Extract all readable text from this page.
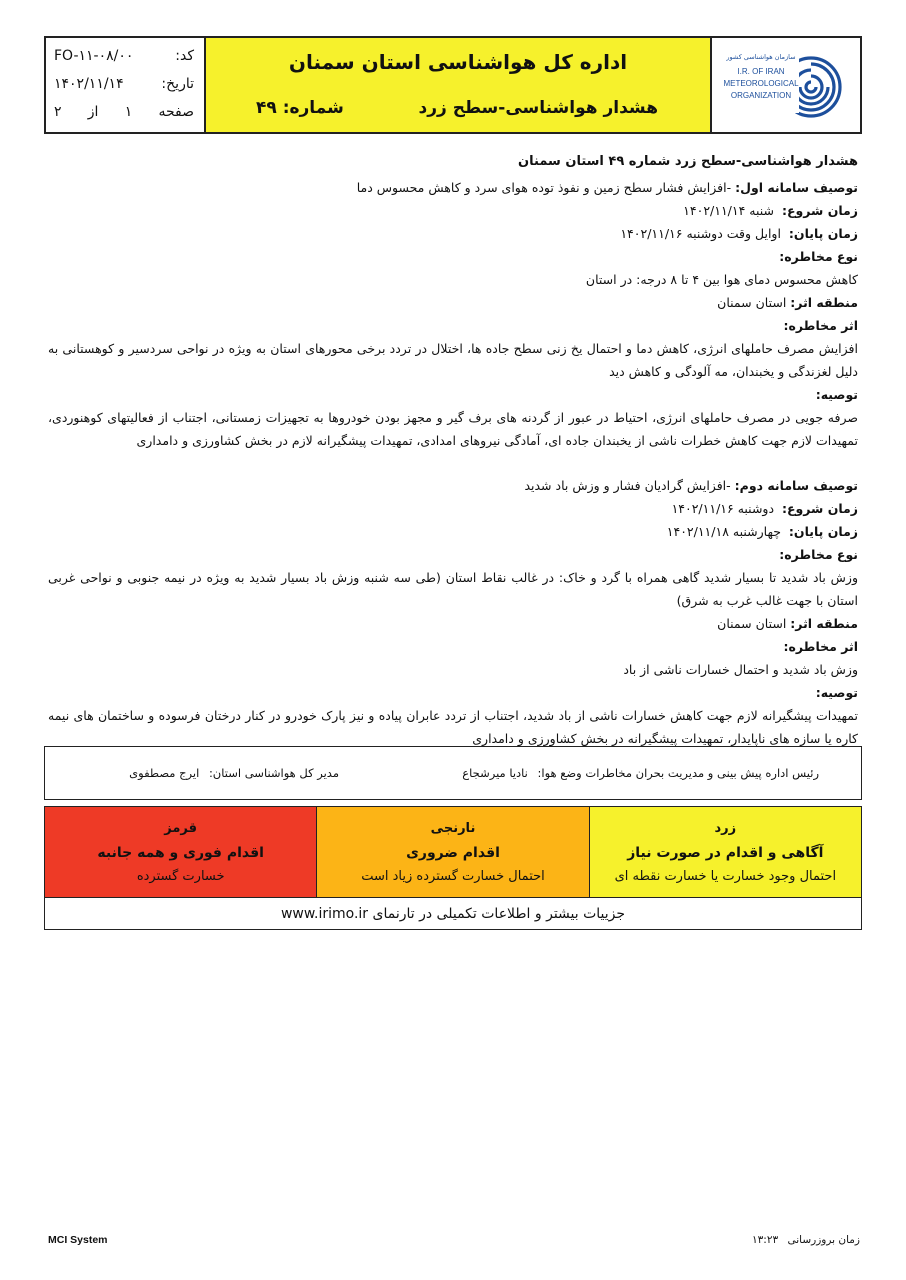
کد:
FO-۱۱-۰۸/۰۰
تاریخ:
۱۴۰۲/۱۱/۱۴
صفحه
۱
از
۲
اداره کل هواشناسی استان سمنان
هشدار هواشناسی-سطح زرد
شماره: ۴۹
سازمان هواشناسی کشور
I.R. OF IRAN
METEOROLOGICAL
ORGANIZATION

هشدار هواشناسی-سطح زرد شماره ۴۹ استان سمنان

توصیف سامانه اول: -افزایش فشار سطح زمین و نفوذ توده هوای سرد و کاهش محسوس دما

زمان شروع:  شنبه ۱۴۰۲/۱۱/۱۴

زمان پایان:  اوایل وقت دوشنبه ۱۴۰۲/۱۱/۱۶

نوع مخاطره:

کاهش محسوس دمای هوا بین ۴ تا ۸ درجه: در استان

منطقه اثر: استان سمنان

اثر مخاطره:

افزایش مصرف حاملهای انرژی، کاهش دما و احتمال یخ زنی سطح جاده ها، اختلال در تردد برخی محورهای استان به ویژه در نواحی سردسیر و کوهستانی به دلیل لغزندگی و یخبندان، مه آلودگی و کاهش دید

توصیه:

صرفه جویی در مصرف حاملهای انرژی، احتیاط در عبور از گردنه های برف گیر و مجهز بودن خودروها به تجهیزات زمستانی، اجتناب از فعالیتهای کوهنوردی، تمهیدات لازم جهت کاهش خطرات ناشی از یخبندان جاده ای، آمادگی نیروهای امدادی، تمهیدات پیشگیرانه لازم در بخش کشاورزی و دامداری

توصیف سامانه دوم: -افزایش گرادیان فشار و وزش باد شدید

زمان شروع:  دوشنبه ۱۴۰۲/۱۱/۱۶

زمان پایان:  چهارشنبه ۱۴۰۲/۱۱/۱۸

نوع مخاطره:

وزش باد شدید تا بسیار شدید گاهی همراه با گرد و خاک: در غالب نقاط استان (طی سه شنبه وزش باد بسیار شدید به ویژه در نیمه جنوبی و نواحی غربی استان با جهت غالب غرب به شرق)

منطقه اثر: استان سمنان

اثر مخاطره:

وزش باد شدید و احتمال خسارات ناشی از باد

توصیه:

تمهیدات پیشگیرانه لازم جهت کاهش خسارات ناشی از باد شدید، اجتناب از تردد عابران پیاده و نیز پارک خودرو در کنار درختان فرسوده و ساختمان های نیمه کاره یا سازه های ناپایدار، تمهیدات پیشگیرانه در بخش کشاورزی و دامداری

رئیس اداره پیش بینی و مدیریت بحران مخاطرات وضع هوا: نادیا میرشجاع
مدیر کل هواشناسی استان: ایرج مصطفوی
زرد
آگاهی و اقدام در صورت نیاز
احتمال وجود خسارت یا خسارت نقطه ای
نارنجی
اقدام ضروری
احتمال خسارت گسترده زیاد است
قرمز
اقدام فوری و همه جانبه
خسارت گسترده
جزییات بیشتر و اطلاعات تکمیلی در تارنمای www.irimo.ir
MCI System	زمان بروزرسانی ۱۳:۲۳
